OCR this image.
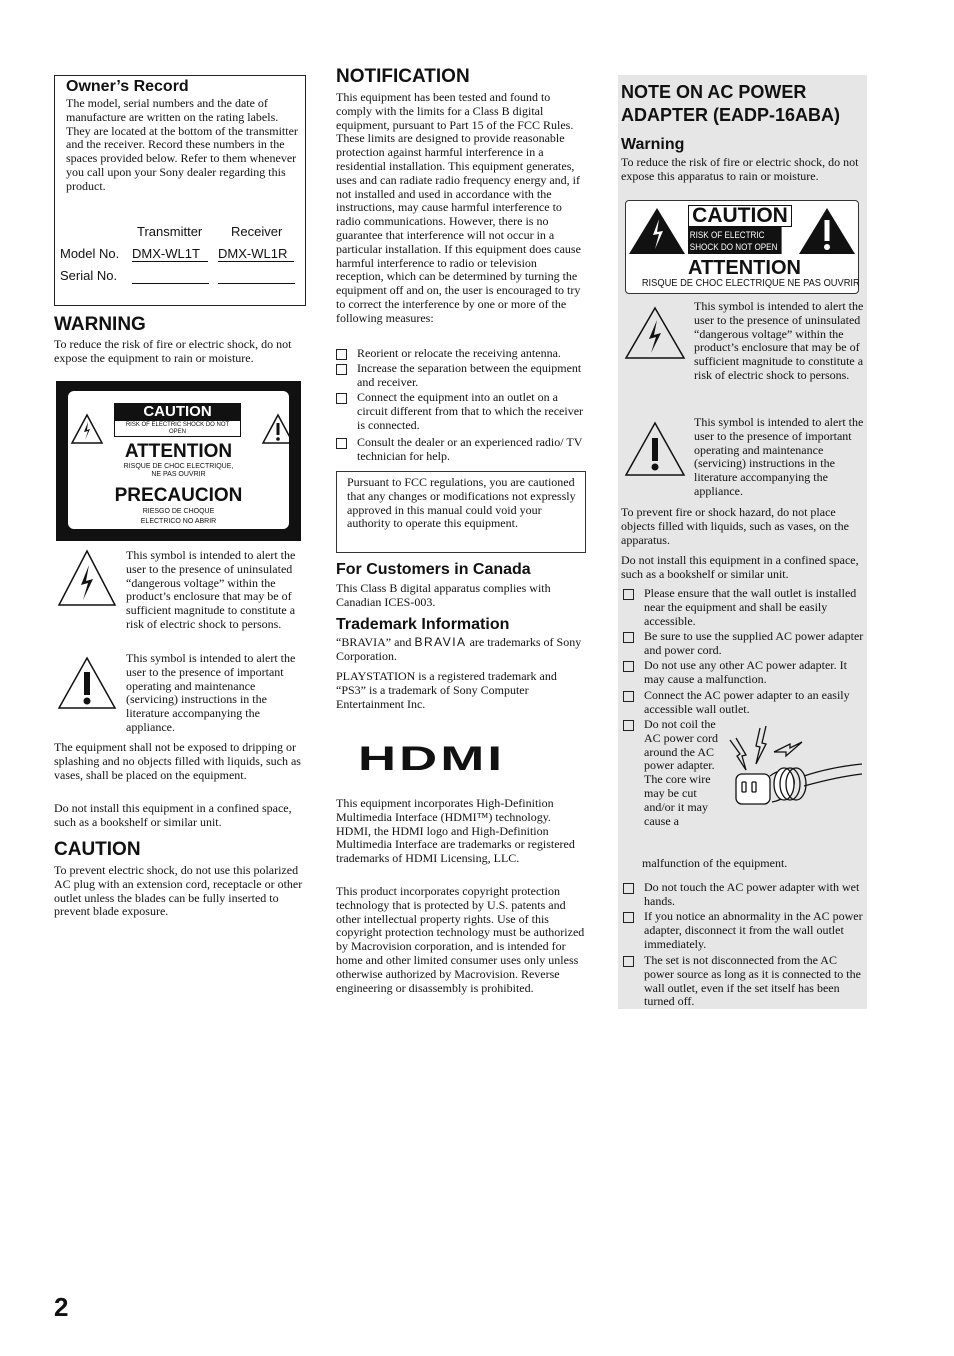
Owner’s Record

The model, serial numbers and the date of manufacture are written on the rating labels. They are located at the bottom of the transmitter and the receiver. Record these numbers in the spaces provided below. Refer to them whenever you call upon your Sony dealer regarding this product.

Transmitter Receiver
Model No. DMX-WL1T	DMX-WL1R
Serial No.
WARNING

To reduce the risk of fire or electric shock, do not expose the equipment to rain or moisture.

CAUTION
RISK OF ELECTRIC SHOCK DO NOT OPEN
ATTENTION
RISQUE DE CHOC ELECTRIQUE, NE PAS OUVRIR
PRECAUCION
RIESGO DE CHOQUE ELECTRICO NO ABRIR

This symbol is intended to alert the user to the presence of uninsulated “dangerous voltage” within the product’s enclosure that may be of sufficient magnitude to constitute a risk of electric shock to persons.

This symbol is intended to alert the user to the presence of important operating and maintenance (servicing) instructions in the literature accompanying the appliance.

The equipment shall not be exposed to dripping or splashing and no objects filled with liquids, such as vases, shall be placed on the equipment.

Do not install this equipment in a confined space, such as a bookshelf or similar unit.

CAUTION

To prevent electric shock, do not use this polarized AC plug with an extension cord, receptacle or other outlet unless the blades can be fully inserted to prevent blade exposure.

NOTIFICATION

This equipment has been tested and found to comply with the limits for a Class B digital equipment, pursuant to Part 15 of the FCC Rules. These limits are designed to provide reasonable protection against harmful interference in a residential installation. This equipment generates, uses and can radiate radio frequency energy and, if not installed and used in accordance with the instructions, may cause harmful interference to radio communications. However, there is no guarantee that interference will not occur in a particular installation. If this equipment does cause harmful interference to radio or television reception, which can be determined by turning the equipment off and on, the user is encouraged to try to correct the interference by one or more of the following measures:

Reorient or relocate the receiving antenna.
Increase the separation between the equipment and receiver.
Connect the equipment into an outlet on a circuit different from that to which the receiver is connected.
Consult the dealer or an experienced radio/ TV technician for help.

Pursuant to FCC regulations, you are cautioned that any changes or modifications not expressly approved in this manual could void your authority to operate this equipment.

For Customers in Canada

This Class B digital apparatus complies with Canadian ICES-003.

Trademark Information

“BRAVIA” and BRAVIA are trademarks of Sony Corporation.

PLAYSTATION is a registered trademark and “PS3” is a trademark of Sony Computer Entertainment Inc.

HDMI

This equipment incorporates High-Definition Multimedia Interface (HDMI™) technology. HDMI, the HDMI logo and High-Definition Multimedia Interface are trademarks or registered trademarks of HDMI Licensing, LLC.

This product incorporates copyright protection technology that is protected by U.S. patents and other intellectual property rights. Use of this copyright protection technology must be authorized by Macrovision corporation, and is intended for home and other limited consumer uses only unless otherwise authorized by Macrovision. Reverse engineering or disassembly is prohibited.

NOTE ON AC POWER ADAPTER (EADP-16ABA)
Warning

To reduce the risk of fire or electric shock, do not expose this apparatus to rain or moisture.

CAUTION
RISK OF ELECTRIC SHOCK DO NOT OPEN
ATTENTION
RISQUE DE CHOC ELECTRIQUE NE PAS OUVRIR

This symbol is intended to alert the user to the presence of uninsulated “dangerous voltage” within the product’s enclosure that may be of sufficient magnitude to constitute a risk of electric shock to persons.

This symbol is intended to alert the user to the presence of important operating and maintenance (servicing) instructions in the literature accompanying the appliance.

To prevent fire or shock hazard, do not place objects filled with liquids, such as vases, on the apparatus.

Do not install this equipment in a confined space, such as a bookshelf or similar unit.

Please ensure that the wall outlet is installed near the equipment and shall be easily accessible.
Be sure to use the supplied AC power adapter and power cord.
Do not use any other AC power adapter. It may cause a malfunction.
Connect the AC power adapter to an easily accessible wall outlet.
Do not coil the AC power cord around the AC power adapter. The core wire may be cut and/or it may cause a
malfunction of the equipment.
Do not touch the AC power adapter with wet hands.
If you notice an abnormality in the AC power adapter, disconnect it from the wall outlet immediately.
The set is not disconnected from the AC power source as long as it is connected to the wall outlet, even if the set itself has been turned off.
2
